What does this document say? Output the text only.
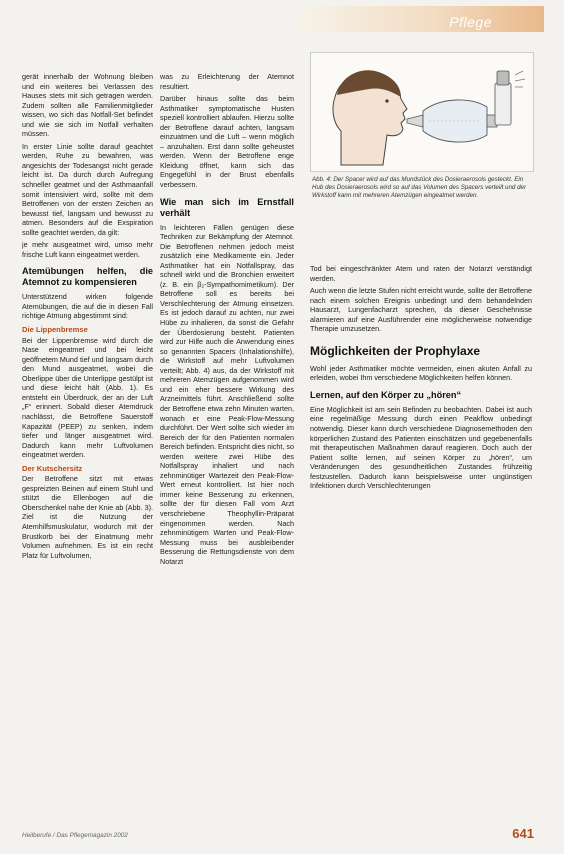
Pflege

gerät innerhalb der Wohnung bleiben und ein weiteres bei Verlassen des Hauses stets mit sich getragen werden. Zudem sollten alle Familienmitglieder wissen, wo sich das Notfall-Set befindet und wie sie sich im Notfall verhalten müssen.

In erster Linie sollte darauf geachtet werden, Ruhe zu bewahren, was angesichts der Todesangst nicht gerade leicht ist. Da durch durch Aufregung schneller geatmet und der Asthmaanfall somit intensiviert wird, sollte mit dem Betroffenen von der ersten Zeichen an bewusst tief, langsam und bewusst zu atmen. Besonders auf die Exspiration sollte geachtet werden, da gilt:

je mehr ausgeatmet wird, umso mehr frische Luft kann eingeatmet werden.

Atemübungen helfen, die Atemnot zu kompensieren

Unterstützend wirken folgende Atemübungen, die auf die in diesen Fall richtige Atmung abgestimmt sind:

Die Lippenbremse

Bei der Lippenbremse wird durch die Nase eingeatmet und bei leicht geöffnetem Mund tief und langsam durch den Mund ausgeatmet, wobei die Oberlippe über die Unterlippe gestülpt ist und diese leicht hält (Abb. 1). Es entsteht ein Überdruck, der an der Luft „F“ erinnert. Sobald dieser Atemdruck nachlässt, die Betroffene Sauerstoff Kapazität (PEEP) zu senken, indem tiefer und länger ausgeatmet wird. Dadurch kann mehr Luftvolumen eingeatmet werden.

Der Kutschersitz

Der Betroffene sitzt mit etwas gespreizten Beinen auf einem Stuhl und stützt die Ellenbogen auf die Oberschenkel nahe der Knie ab (Abb. 3). Ziel ist die Nutzung der Atemhilfsmuskulatur, wodurch mit der Brustkorb bei der Einatmung mehr Volumen aufnehmen. Es ist ein recht Platz für Luftvolumen,

was zu Erleichterung der Atemnot resultiert.

Darüber hinaus sollte das beim Asthmatiker symptomatische Husten speziell kontrolliert ablaufen. Hierzu sollte der Betroffene darauf achten, langsam einzuatmen und die Luft – wenn möglich – anzuhalten. Erst dann sollte geheustet werden. Wenn der Betroffene enge Kleidung öffnet, kann sich das Engegefühl in der Brust ebenfalls verbessern.

Wie man sich im Ernstfall verhält

In leichteren Fällen genügen diese Techniken zur Bekämpfung der Atemnot. Die Betroffenen nehmen jedoch meist zusätzlich eine Medikamente ein. Jeder Asthmatiker hat ein Notfallspray, das schnell wirkt und die Bronchien erweitert (z. B. ein β₂-Sympathomimetikum). Der Betroffene soll es bereits bei Verschlechterung der Atmung einsetzen. Es ist jedoch darauf zu achten, nur zwei Hübe zu inhalieren, da sonst die Gefahr der Überdosierung besteht. Patienten wird zur Hilfe auch die Anwendung eines so genannten Spacers (Inhalationshilfe), die Wirkstoff auf mehr Luftvolumen verteilt; Abb. 4) aus, da der Wirkstoff mit mehreren Atemzügen aufgenommen wird und ein eher bessere Wirkung des Arzneimittels führt. Anschließend sollte der Betroffene etwa zehn Minuten warten, wonach er eine Peak-Flow-Messung durchführt. Der Wert sollte sich wieder im Bereich der für den Patienten normalen Bereich befinden. Entspricht dies nicht, so werden weitere zwei Hübe des Notfallspray inhaliert und nach zehnminütiger Wartezeit den Peak-Flow-Wert erneut kontrolliert. Ist hier noch immer keine Besserung zu erkennen, sollte der für diesen Fall vom Arzt verschriebene Theophyllin-Präparat eingenommen werden. Nach zehnminütigem Warten und Peak-Flow-Messung muss bei ausbleibender Besserung die Rettungsdienste von dem Notarzt

Abb. 4: Der Spacer wird auf das Mundstück des Dosieraerosols gesteckt. Ein Hub des Dosieraerosols wird so auf das Volumen des Spacers verteilt und der Wirkstoff kann mit mehreren Atemzügen eingeatmet werden.

Tod bei eingeschränkter Atem und raten der Notarzt verständigt werden.

Auch wenn die letzte Stufen nicht erreicht wurde, sollte der Betroffene nach einem solchen Ereignis unbedingt und dem behandelnden Hausarzt, Lungenfacharzt sprechen, da dieser Geschehnisse alarmieren auf eine Ausführender eine möglicherweise notwendige Therapie umzusetzen.

Möglichkeiten der Prophylaxe

Wohl jeder Asthmatiker möchte vermeiden, einen akuten Anfall zu erleiden, wobei Ihm verschiedene Möglichkeiten helfen können.

Lernen, auf den Körper zu „hören“

Eine Möglichkeit ist am sein Befinden zu beobachten. Dabei ist auch eine regelmäßige Messung durch einen Peakflow unbedingt notwendig. Dieser kann durch verschiedene Diagnosemethoden den körperlichen Zustand des Patienten einschätzen und gegebenenfalls mit therapeutischen Maßnahmen darauf reagieren. Doch auch der Patient sollte lernen, auf seinen Körper zu „hören“, um Veränderungen des gesundheitlichen Zustandes frühzeitig festzustellen. Dadurch kann beispielsweise unter ungünstigen Infektionen durch Verschlechterungen

Heilberufe / Das Pflegemagazin 2002	641
